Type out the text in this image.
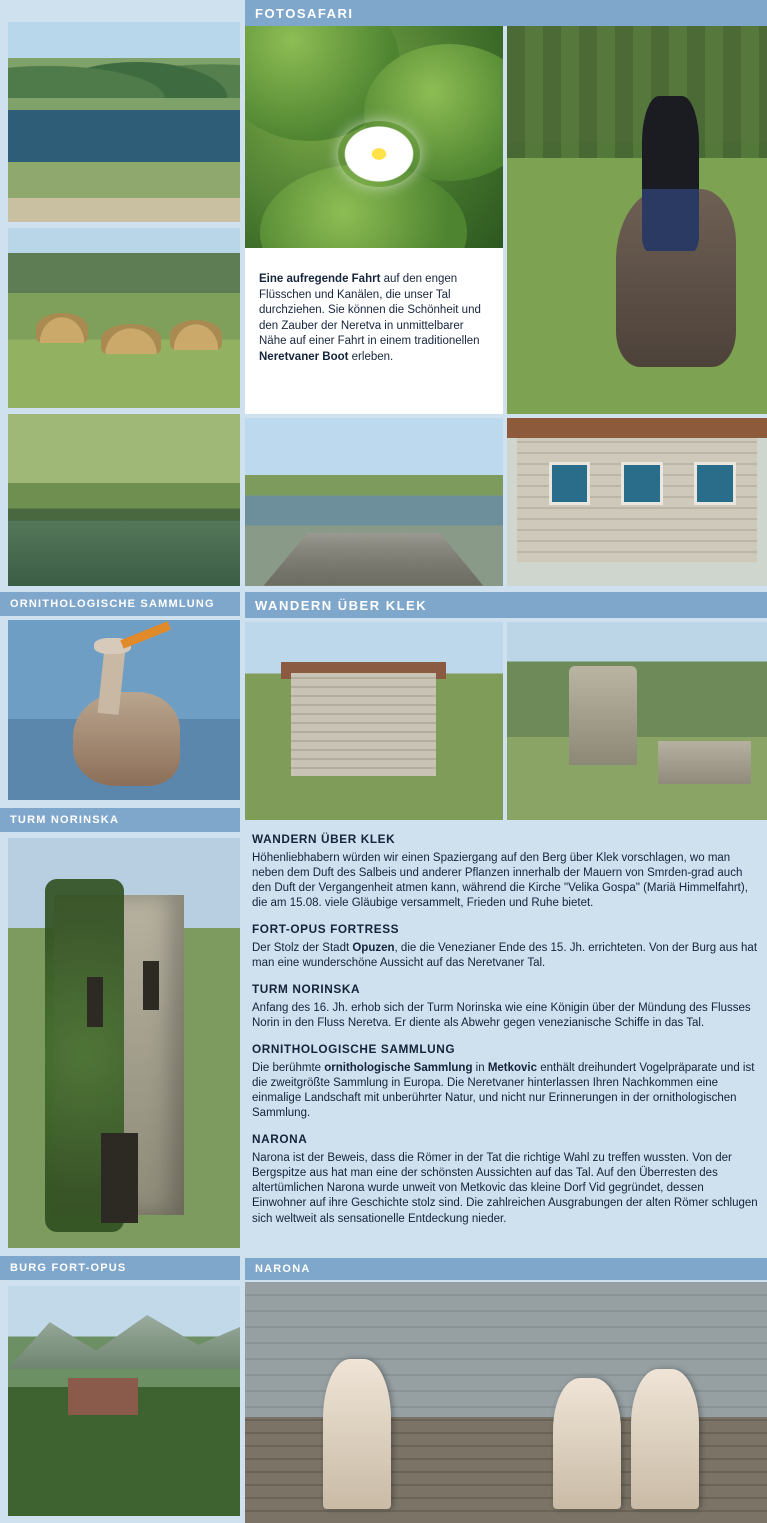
FOTOSAFARI
Eine aufregende Fahrt auf den engen Flüsschen und Kanälen, die unser Tal durchziehen. Sie können die Schönheit und den Zauber der Neretva in unmittelbarer Nähe auf einer Fahrt in einem traditionellen Neretvaner Boot erleben.
ORNITHOLOGISCHE SAMMLUNG	WANDERN ÜBER KLEK
TURM NORINSKA
BURG FORT-OPUS
WANDERN ÜBER KLEK

Höhenliebhabern würden wir einen Spaziergang auf den Berg über Klek vorschlagen, wo man neben dem Duft des Salbeis und anderer Pflanzen innerhalb der Mauern von Smrden-grad auch den Duft der Vergangenheit atmen kann, während die Kirche "Velika Gospa" (Mariä Himmelfahrt), die am 15.08. viele Gläubige versammelt, Frieden und Ruhe bietet.

FORT-OPUS FORTRESS

Der Stolz der Stadt Opuzen, die die Venezianer Ende des 15. Jh. errichteten. Von der Burg aus hat man eine wunderschöne Aussicht auf das Neretvaner Tal.

TURM NORINSKA

Anfang des 16. Jh. erhob sich der Turm Norinska wie eine Königin über der Mündung des Flusses Norin in den Fluss Neretva. Er diente als Abwehr gegen venezianische Schiffe in das Tal.

ORNITHOLOGISCHE SAMMLUNG

Die berühmte ornithologische Sammlung in Metkovic enthält dreihundert Vogelpräparate und ist die zweitgrößte Sammlung in Europa. Die Neretvaner hinterlassen Ihren Nachkommen eine einmalige Landschaft mit unberührter Natur, und nicht nur Erinnerungen in der ornithologischen Sammlung.

NARONA

Narona ist der Beweis, dass die Römer in der Tat die richtige Wahl zu treffen wussten. Von der Bergspitze aus hat man eine der schönsten Aussichten auf das Tal. Auf den Überresten des altertümlichen Narona wurde unweit von Metkovic das kleine Dorf Vid gegründet, dessen Einwohner auf ihre Geschichte stolz sind. Die zahlreichen Ausgrabungen der alten Römer schlugen sich weltweit als sensationelle Entdeckung nieder.

NARONA
